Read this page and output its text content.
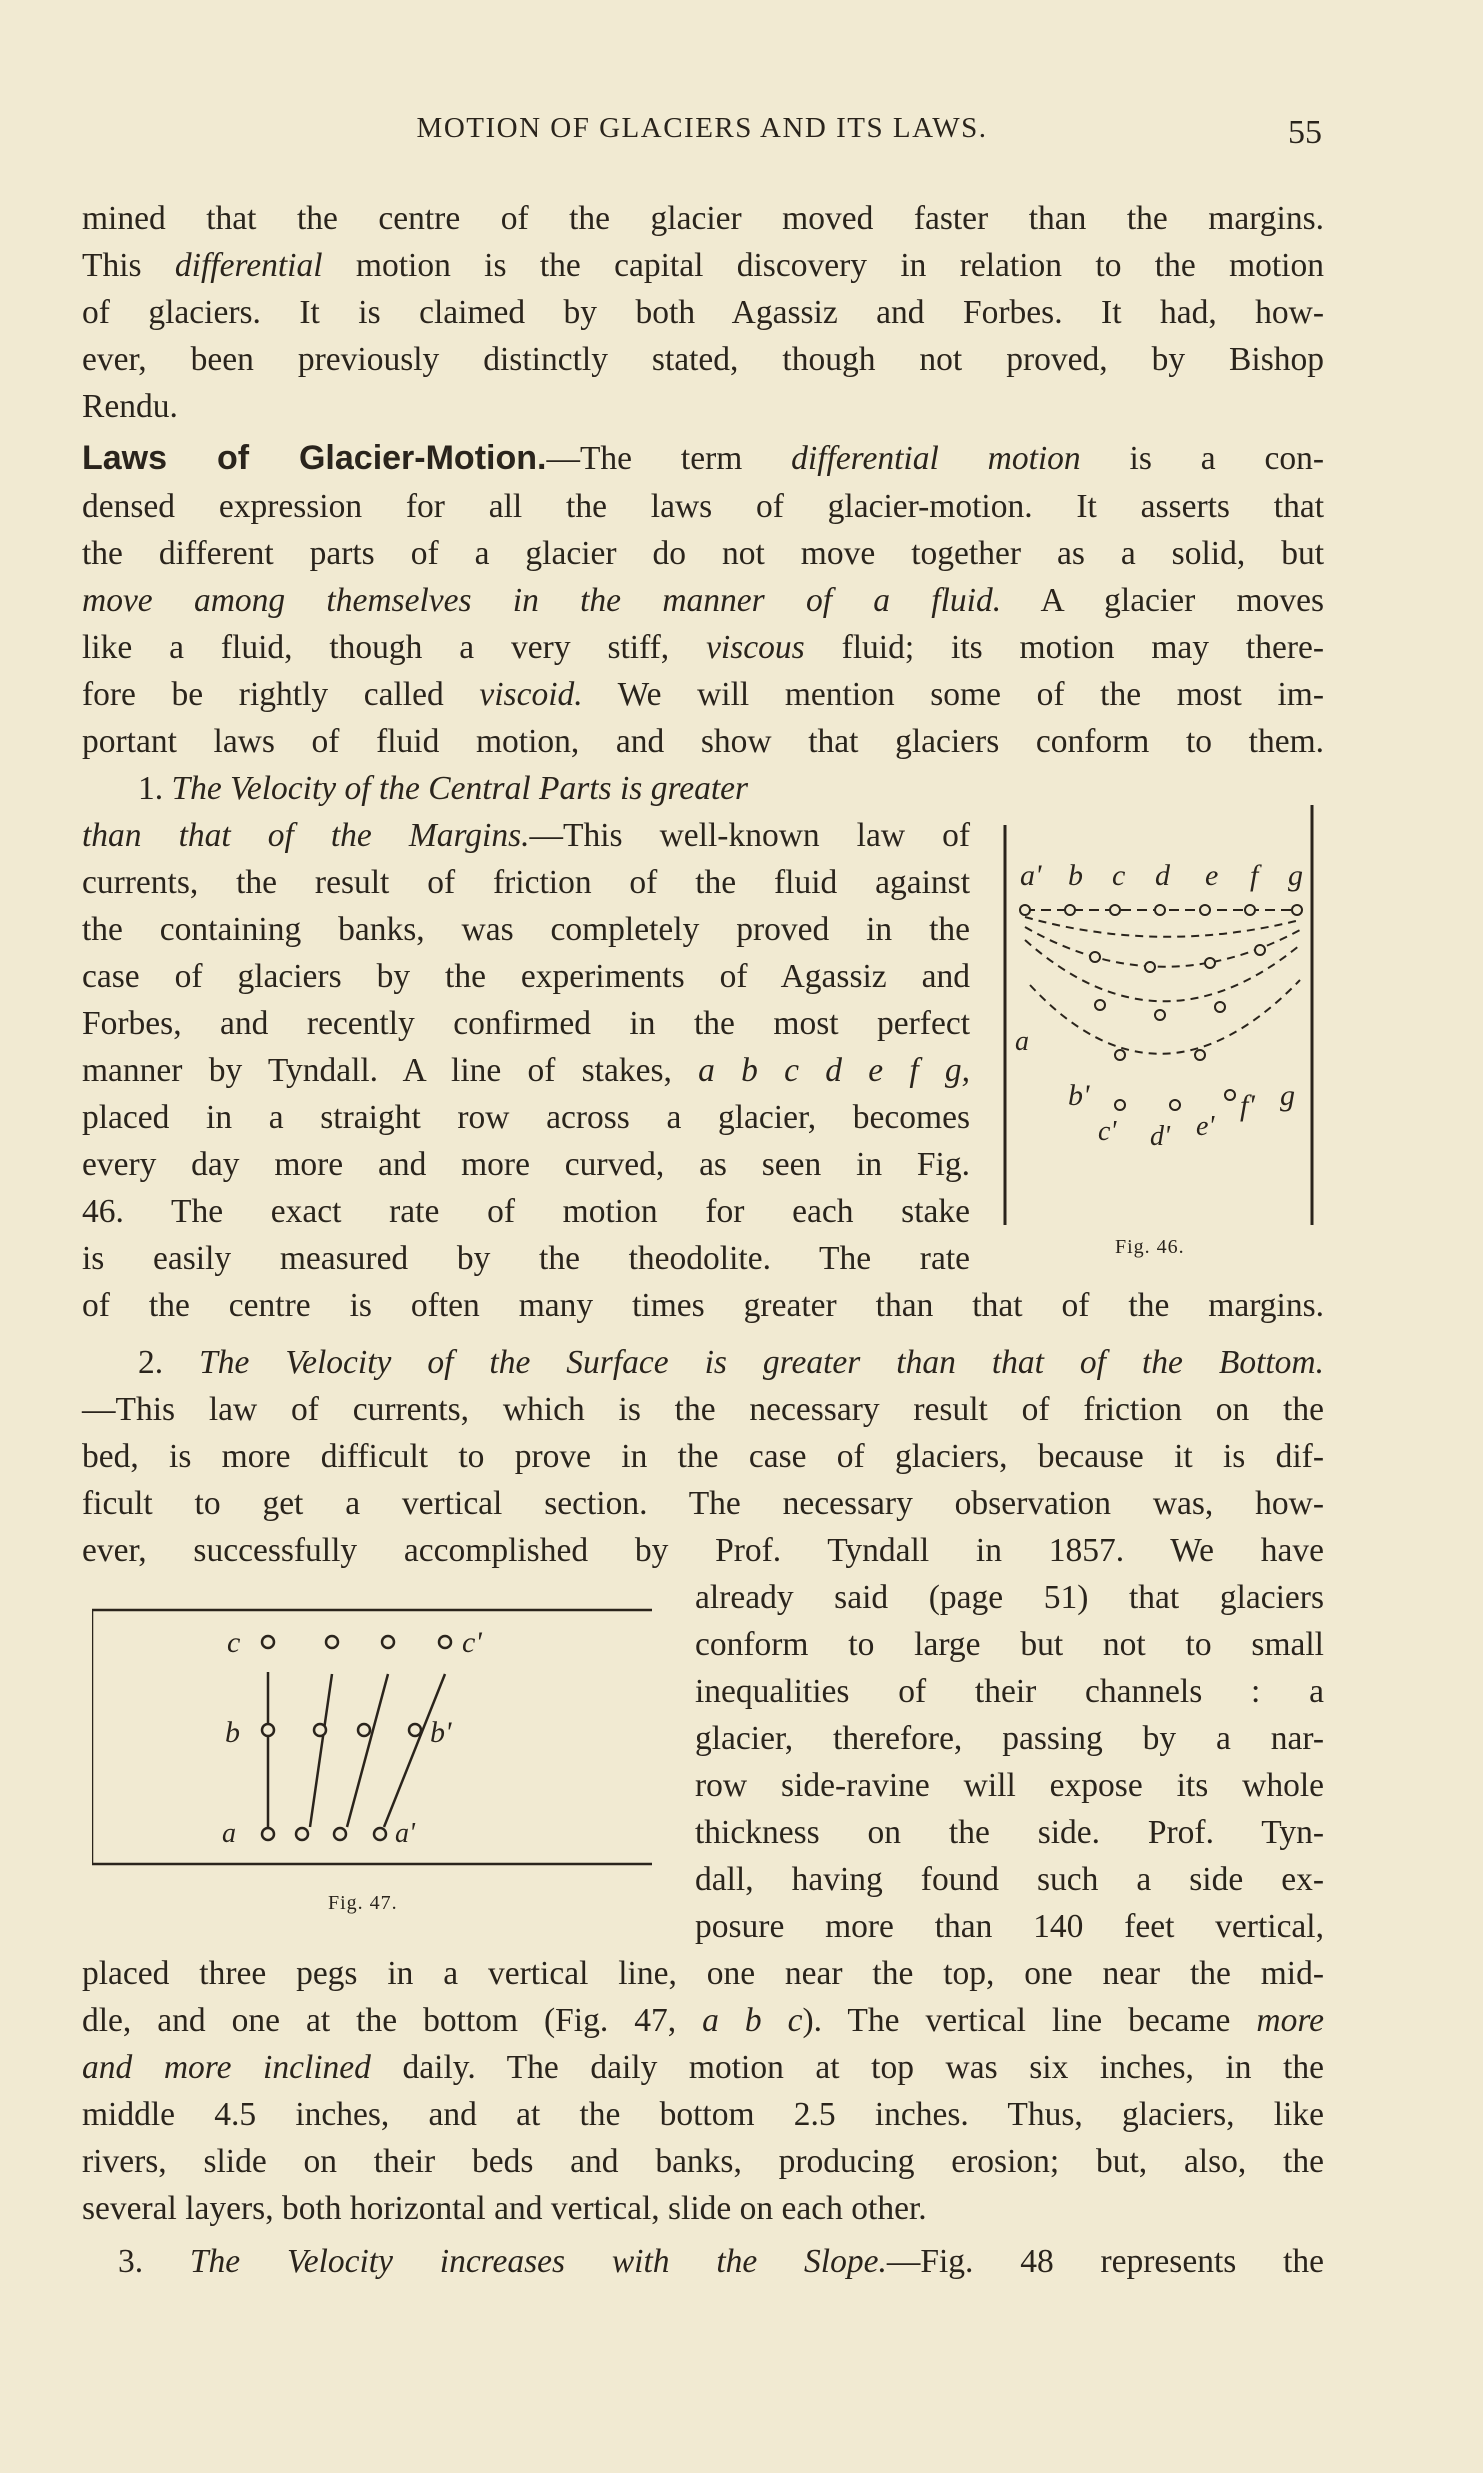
MOTION OF GLACIERS AND ITS LAWS.	55
mined that the centre of the glacier moved faster than the margins.
This differential motion is the capital discovery in relation to the motion
of glaciers. It is claimed by both Agassiz and Forbes. It had, how-
ever, been previously distinctly stated, though not proved, by Bishop
Rendu.
Laws of Glacier-Motion.—The term differential motion is a con-
densed expression for all the laws of glacier-motion. It asserts that
the different parts of a glacier do not move together as a solid, but
move among themselves in the manner of a fluid. A glacier moves
like a fluid, though a very stiff, viscous fluid; its motion may there-
fore be rightly called viscoid. We will mention some of the most im-
portant laws of fluid motion, and show that glaciers conform to them.
1. The Velocity of the Central Parts is greater
than that of the Margins.—This well-known law of
currents, the result of friction of the fluid against
the containing banks, was completely proved in the
case of glaciers by the experiments of Agassiz and
Forbes, and recently confirmed in the most perfect
manner by Tyndall. A line of stakes, a b c d e f g,
placed in a straight row across a glacier, becomes
every day more and more curved, as seen in Fig.
46. The exact rate of motion for each stake
is easily measured by the theodolite. The rate
of the centre is often many times greater than that of the margins.
2. The Velocity of the Surface is greater than that of the Bottom.
—This law of currents, which is the necessary result of friction on the
bed, is more difficult to prove in the case of glaciers, because it is dif-
ficult to get a vertical section. The necessary observation was, how-
ever, successfully accomplished by Prof. Tyndall in 1857. We have
already said (page 51) that glaciers
conform to large but not to small
inequalities of their channels : a
glacier, therefore, passing by a nar-
row side-ravine will expose its whole
thickness on the side. Prof. Tyn-
dall, having found such a side ex-
posure more than 140 feet vertical,
placed three pegs in a vertical line, one near the top, one near the mid-
dle, and one at the bottom (Fig. 47, a b c). The vertical line became more
and more inclined daily. The daily motion at top was six inches, in the
middle 4.5 inches, and at the bottom 2.5 inches. Thus, glaciers, like
rivers, slide on their beds and banks, producing erosion; but, also, the
several layers, both horizontal and vertical, slide on each other.
3. The Velocity increases with the Slope.—Fig. 48 represents the
a' b c d e f g
a
b'
c' d' e'
f' g
Fig. 46.
c	c'
b	b'
a	a'
Fig. 47.
